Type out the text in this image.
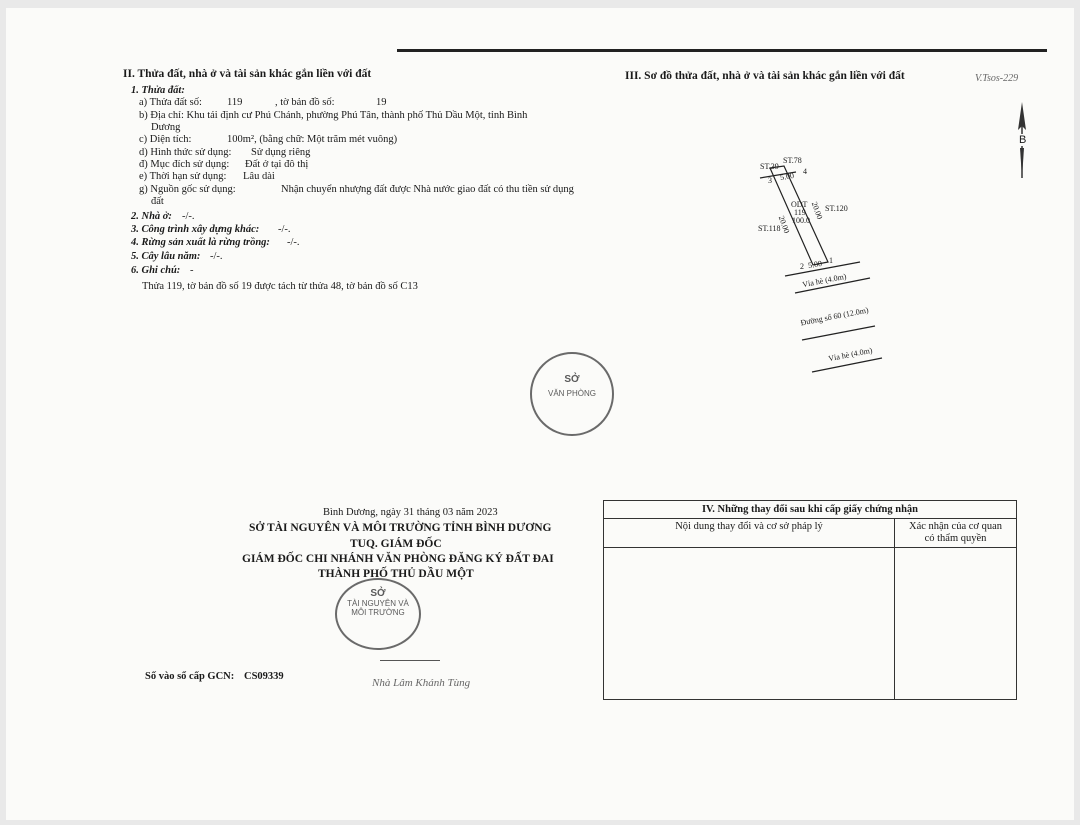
II. Thửa đất, nhà ở và tài sản khác gắn liền với đất
1. Thửa đất:
a) Thửa đất số: 119	, tờ bản đồ số:	19
b) Địa chỉ: Khu tái định cư Phú Chánh, phường Phú Tân, thành phố Thủ Dầu Một, tỉnh Bình
Dương
c) Diện tích:	100m², (bằng chữ: Một trăm mét vuông)
d) Hình thức sử dụng: Sử dụng riêng
đ) Mục đích sử dụng: Đất ở tại đô thị
e) Thời hạn sử dụng: Lâu dài
g) Nguồn gốc sử dụng:	Nhận chuyển nhượng đất được Nhà nước giao đất có thu tiền sử dụng
đất
2. Nhà ở: -/-.
3. Công trình xây dựng khác: -/-.
4. Rừng sản xuất là rừng trồng: -/-.
5. Cây lâu năm: -/-.
6. Ghi chú: -
Thửa 119, tờ bản đồ số 19 được tách từ thửa 48, tờ bản đồ số C13
III. Sơ đồ thửa đất, nhà ở và tài sản khác gắn liền với đất	V.Tsos-229
B
ST.39
ST.78
ST.120
ST.118
ODT
119
100.0
5.00
5.00
20.00
20.00
3
4
2
1
Vỉa hè (4.0m)
Đường số 60 (12.0m)
Vỉa hè (4.0m)
SỞ
VĂN PHÒNG
Bình Dương, ngày 31 tháng 03 năm 2023
SỞ TÀI NGUYÊN VÀ MÔI TRƯỜNG TỈNH BÌNH DƯƠNG
TUQ. GIÁM ĐỐC
GIÁM ĐỐC CHI NHÁNH VĂN PHÒNG ĐĂNG KÝ ĐẤT ĐAI
THÀNH PHỐ THỦ DẦU MỘT
SỞ
TÀI NGUYÊN VÀ
MÔI TRƯỜNG
Nhà Lâm Khánh Tùng
Số vào sổ cấp GCN: CS09339
IV. Những thay đổi sau khi cấp giấy chứng nhận	
Nội dung thay đổi và cơ sở pháp lý	Xác nhận của cơ quan
có thẩm quyền
